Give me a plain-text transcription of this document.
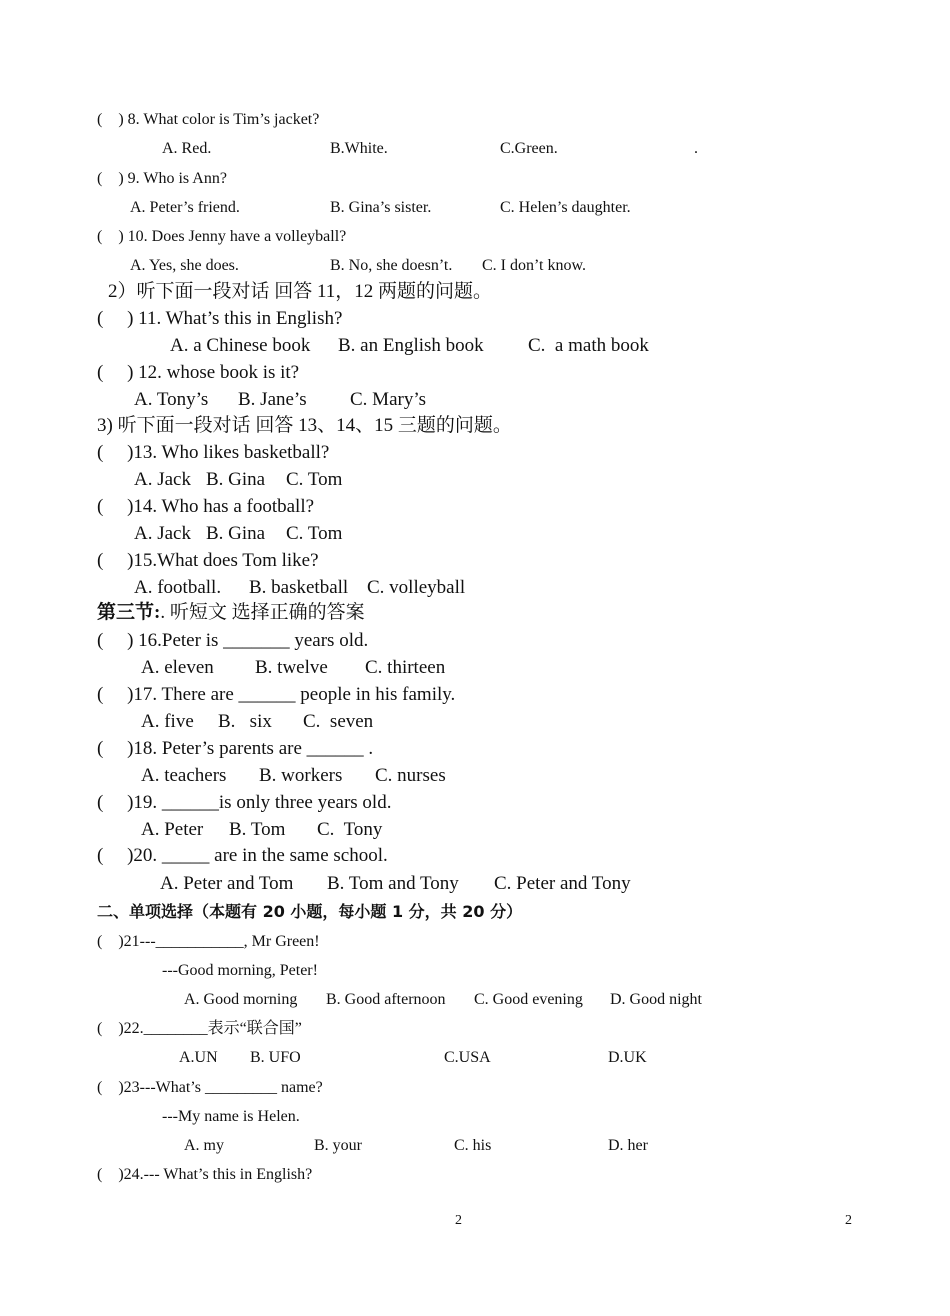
(    ) 8. What color is Tim’s jacket?
A. Red.	B.White.	C.Green.	.
(    ) 9. Who is Ann?
A. Peter’s friend.	B. Gina’s sister.	C. Helen’s daughter.
(    ) 10. Does Jenny have a volleyball?
A. Yes, she does.	B. No, she doesn’t. C. I don’t know.
2）听下面一段对话 回答 11，12 两题的问题。
(     ) 11. What’s this in English?
A. a Chinese book B. an English book C.  a math book
(     ) 12. whose book is it?
A. Tony’s B. Jane’s C. Mary’s
3) 听下面一段对话 回答 13、14、15 三题的问题。
(     )13. Who likes basketball?
A. Jack B. Gina C. Tom
(     )14. Who has a football?
A. Jack B. Gina C. Tom
(     )15.What does Tom like?
A. football. B. basketball C. volleyball
第三节:. 听短文 选择正确的答案
(     ) 16.Peter is _______ years old.
A. eleven B. twelve C. thirteen
(     )17. There are ______ people in his family.
A. five B.   six C.  seven
(     )18. Peter’s parents are ______ .
A. teachers B. workers C. nurses
(     )19. ______is only three years old.
A. Peter B. Tom C.  Tony
(     )20. _____ are in the same school.
A. Peter and Tom B. Tom and Tony C. Peter and Tony
二、单项选择（本题有 20 小题，每小题 1 分，共 20 分）
(    )21---___________, Mr Green!
---Good morning, Peter!
A. Good morning B. Good afternoon C. Good evening D. Good night
(    )22.________表示“联合国”
A.UN B. UFO	C.USA	D.UK
(    )23---What’s _________ name?
---My name is Helen.
A. my	B. your	C. his	D. her
(    )24.--- What’s this in English?
2	2
